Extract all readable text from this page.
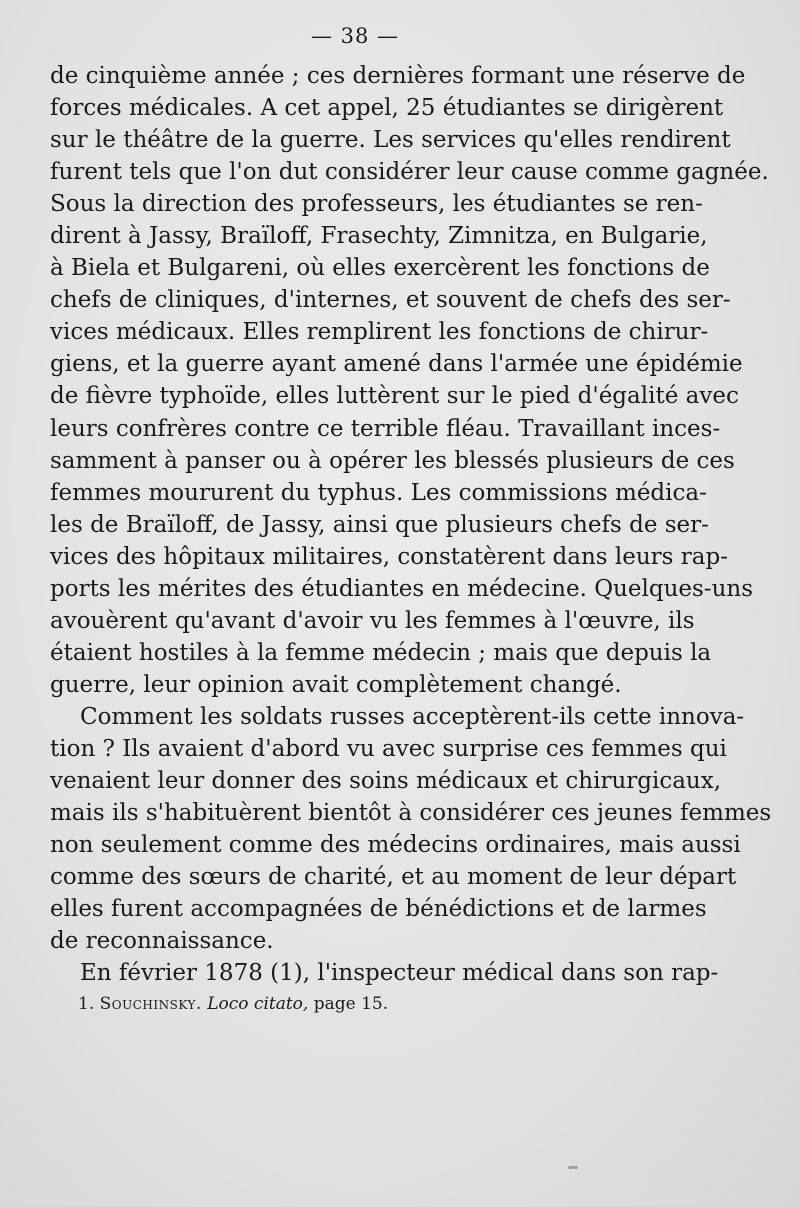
— 38 —
de cinquième année ; ces dernières formant une réserve de
forces médicales. A cet appel, 25 étudiantes se dirigèrent
sur le théâtre de la guerre. Les services qu'elles rendirent
furent tels que l'on dut considérer leur cause comme gagnée.
Sous la direction des professeurs, les étudiantes se ren-
dirent à Jassy, Braïloff, Frasechty, Zimnitza, en Bulgarie,
à Biela et Bulgareni, où elles exercèrent les fonctions de
chefs de cliniques, d'internes, et souvent de chefs des ser-
vices médicaux. Elles remplirent les fonctions de chirur-
giens, et la guerre ayant amené dans l'armée une épidémie
de fièvre typhoïde, elles luttèrent sur le pied d'égalité avec
leurs confrères contre ce terrible fléau. Travaillant inces-
samment à panser ou à opérer les blessés plusieurs de ces
femmes moururent du typhus. Les commissions médica-
les de Braïloff, de Jassy, ainsi que plusieurs chefs de ser-
vices des hôpitaux militaires, constatèrent dans leurs rap-
ports les mérites des étudiantes en médecine. Quelques-uns
avouèrent qu'avant d'avoir vu les femmes à l'œuvre, ils
étaient hostiles à la femme médecin ; mais que depuis la
guerre, leur opinion avait complètement changé.
Comment les soldats russes acceptèrent-ils cette innova-
tion ? Ils avaient d'abord vu avec surprise ces femmes qui
venaient leur donner des soins médicaux et chirurgicaux,
mais ils s'habituèrent bientôt à considérer ces jeunes femmes
non seulement comme des médecins ordinaires, mais aussi
comme des sœurs de charité, et au moment de leur départ
elles furent accompagnées de bénédictions et de larmes
de reconnaissance.
En février 1878 (1), l'inspecteur médical dans son rap-
1. Souchinsky. Loco citato, page 15.
